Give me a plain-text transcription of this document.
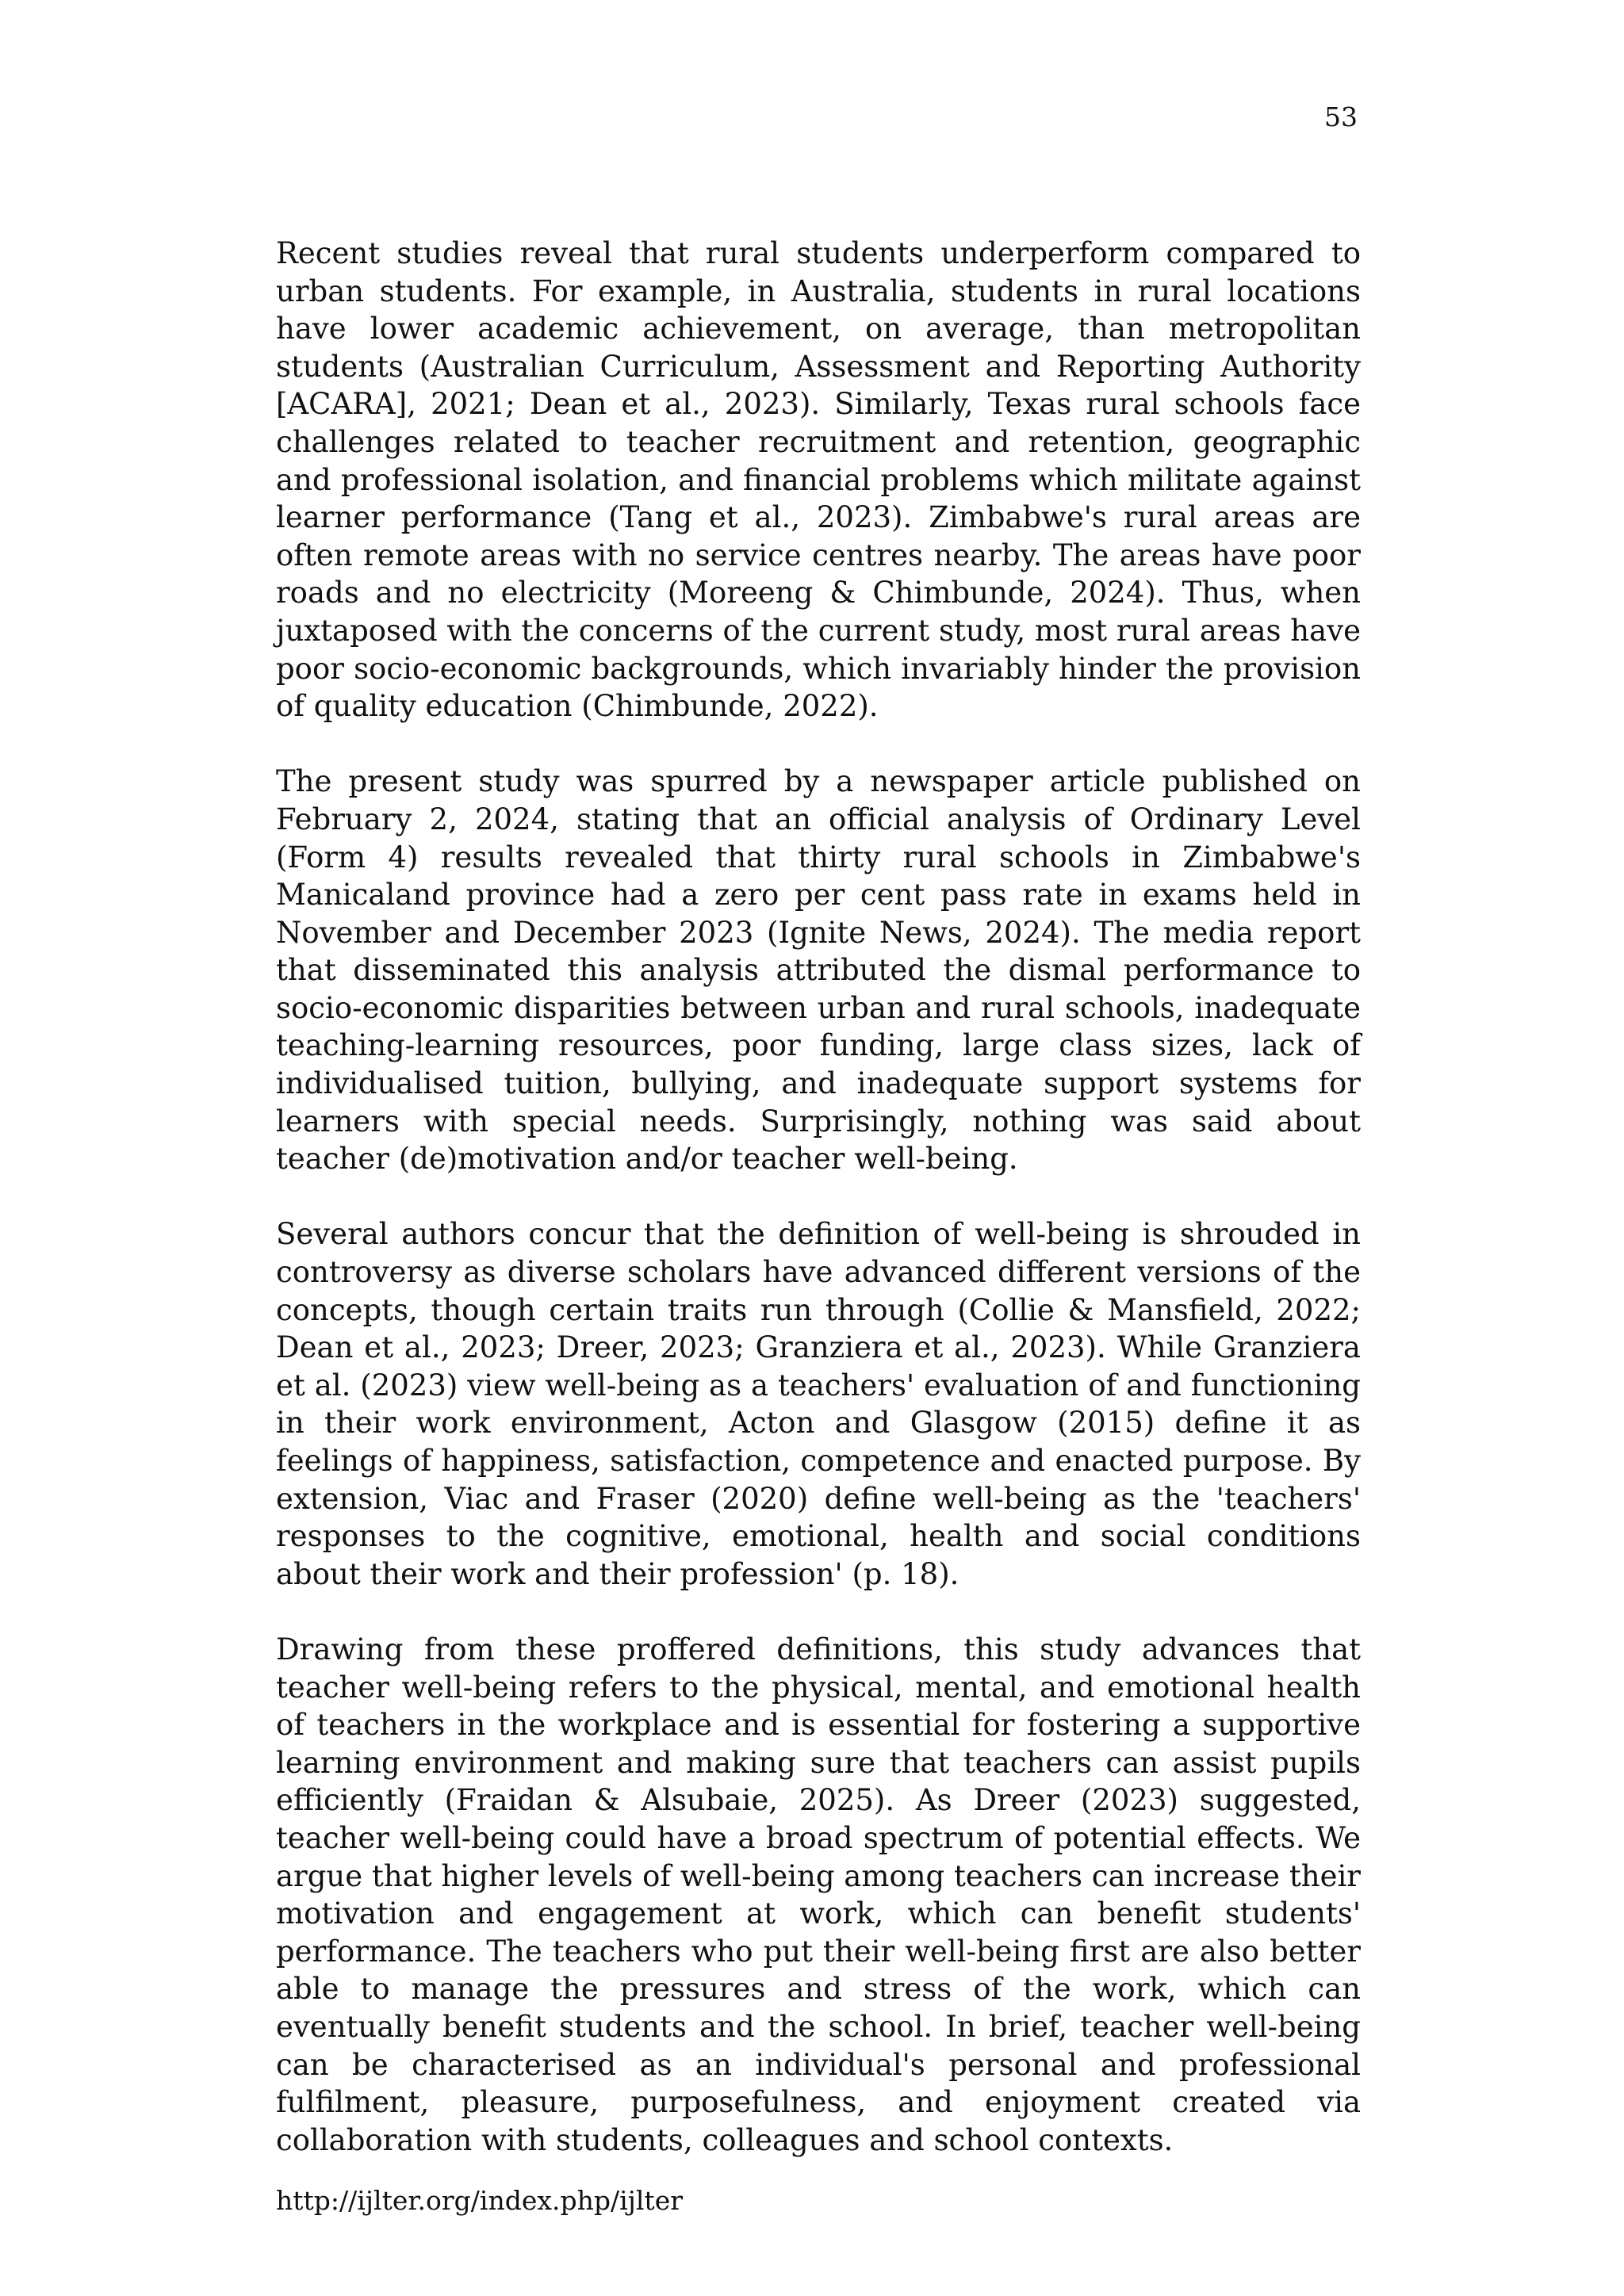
53

Recent studies reveal that rural students underperform compared to urban students. For example, in Australia, students in rural locations have lower academic achievement, on average, than metropolitan students (Australian Curriculum, Assessment and Reporting Authority [ACARA], 2021; Dean et al., 2023). Similarly, Texas rural schools face challenges related to teacher recruitment and retention, geographic and professional isolation, and financial problems which militate against learner performance (Tang et al., 2023). Zimbabwe's rural areas are often remote areas with no service centres nearby. The areas have poor roads and no electricity (Moreeng & Chimbunde, 2024). Thus, when juxtaposed with the concerns of the current study, most rural areas have poor socio-economic backgrounds, which invariably hinder the provision of quality education (Chimbunde, 2022).

The present study was spurred by a newspaper article published on February 2, 2024, stating that an official analysis of Ordinary Level (Form 4) results revealed that thirty rural schools in Zimbabwe's Manicaland province had a zero per cent pass rate in exams held in November and December 2023 (Ignite News, 2024). The media report that disseminated this analysis attributed the dismal performance to socio-economic disparities between urban and rural schools, inadequate teaching-learning resources, poor funding, large class sizes, lack of individualised tuition, bullying, and inadequate support systems for learners with special needs. Surprisingly, nothing was said about teacher (de)motivation and/or teacher well-being.

Several authors concur that the definition of well-being is shrouded in controversy as diverse scholars have advanced different versions of the concepts, though certain traits run through (Collie & Mansfield, 2022; Dean et al., 2023; Dreer, 2023; Granziera et al., 2023). While Granziera et al. (2023) view well-being as a teachers' evaluation of and functioning in their work environment, Acton and Glasgow (2015) define it as feelings of happiness, satisfaction, competence and enacted purpose. By extension, Viac and Fraser (2020) define well-being as the 'teachers' responses to the cognitive, emotional, health and social conditions about their work and their profession' (p. 18).

Drawing from these proffered definitions, this study advances that teacher well-being refers to the physical, mental, and emotional health of teachers in the workplace and is essential for fostering a supportive learning environment and making sure that teachers can assist pupils efficiently (Fraidan & Alsubaie, 2025). As Dreer (2023) suggested, teacher well-being could have a broad spectrum of potential effects. We argue that higher levels of well-being among teachers can increase their motivation and engagement at work, which can benefit students' performance. The teachers who put their well-being first are also better able to manage the pressures and stress of the work, which can eventually benefit students and the school. In brief, teacher well-being can be characterised as an individual's personal and professional fulfilment, pleasure, purposefulness, and enjoyment created via collaboration with students, colleagues and school contexts.

http://ijlter.org/index.php/ijlter
